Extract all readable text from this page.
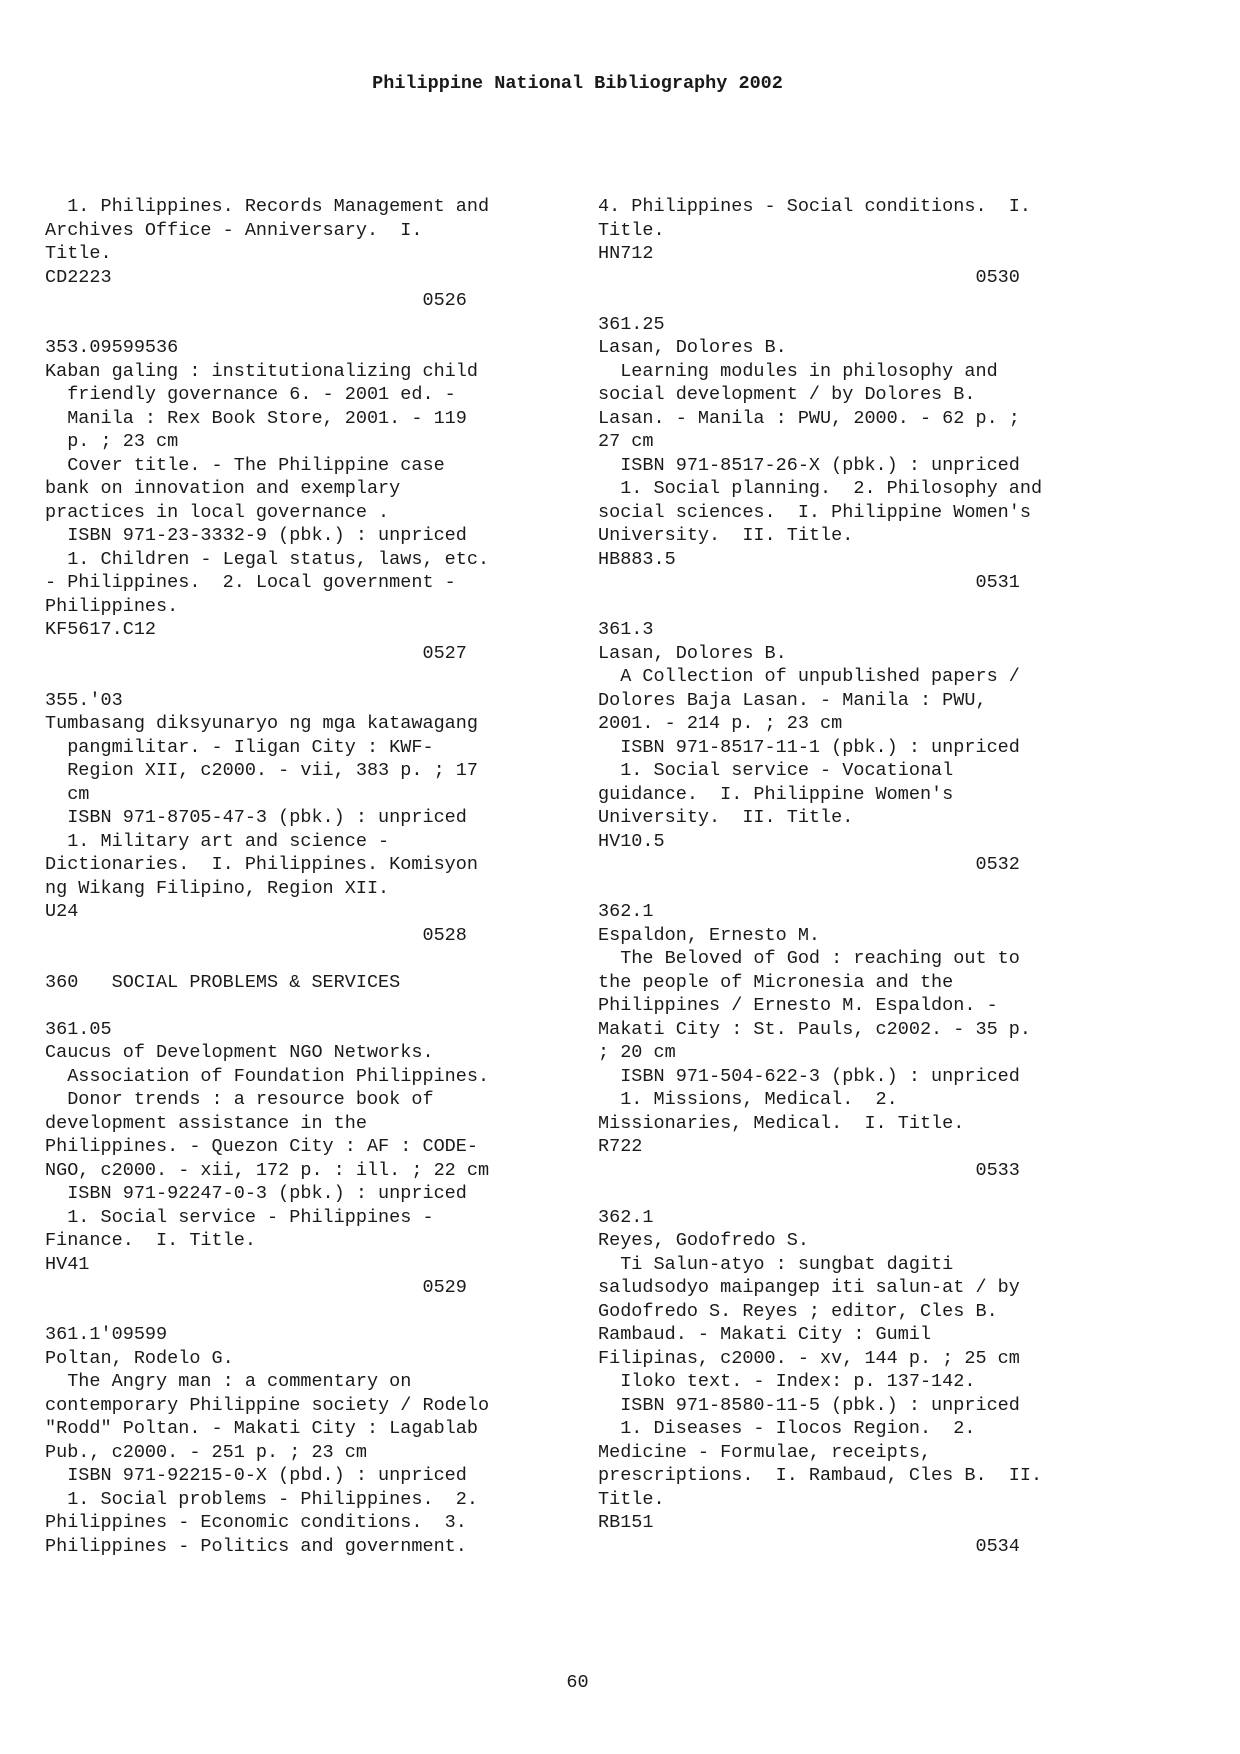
Philippine National Bibliography 2002
1. Philippines. Records Management and
Archives Office - Anniversary.  I.
Title.
CD2223
0526
353.09599536
Kaban galing : institutionalizing child
friendly governance 6. - 2001 ed. -
Manila : Rex Book Store, 2001. - 119
p. ; 23 cm
Cover title. - The Philippine case
bank on innovation and exemplary
practices in local governance .
ISBN 971-23-3332-9 (pbk.) : unpriced
1. Children - Legal status, laws, etc.
- Philippines.  2. Local government -
Philippines.
KF5617.C12
0527
355.'03
Tumbasang diksyunaryo ng mga katawagang
pangmilitar. - Iligan City : KWF-
Region XII, c2000. - vii, 383 p. ; 17
cm
ISBN 971-8705-47-3 (pbk.) : unpriced
1. Military art and science -
Dictionaries.  I. Philippines. Komisyon
ng Wikang Filipino, Region XII.
U24
0528
360   SOCIAL PROBLEMS & SERVICES
361.05
Caucus of Development NGO Networks.
Association of Foundation Philippines.
Donor trends : a resource book of
development assistance in the
Philippines. - Quezon City : AF : CODE-
NGO, c2000. - xii, 172 p. : ill. ; 22 cm
ISBN 971-92247-0-3 (pbk.) : unpriced
1. Social service - Philippines -
Finance.  I. Title.
HV41
0529
361.1'09599
Poltan, Rodelo G.
The Angry man : a commentary on
contemporary Philippine society / Rodelo
"Rodd" Poltan. - Makati City : Lagablab
Pub., c2000. - 251 p. ; 23 cm
ISBN 971-92215-0-X (pbd.) : unpriced
1. Social problems - Philippines.  2.
Philippines - Economic conditions.  3.
Philippines - Politics and government.
4. Philippines - Social conditions.  I.
Title.
HN712
0530
361.25
Lasan, Dolores B.
Learning modules in philosophy and
social development / by Dolores B.
Lasan. - Manila : PWU, 2000. - 62 p. ;
27 cm
ISBN 971-8517-26-X (pbk.) : unpriced
1. Social planning.  2. Philosophy and
social sciences.  I. Philippine Women's
University.  II. Title.
HB883.5
0531
361.3
Lasan, Dolores B.
A Collection of unpublished papers /
Dolores Baja Lasan. - Manila : PWU,
2001. - 214 p. ; 23 cm
ISBN 971-8517-11-1 (pbk.) : unpriced
1. Social service - Vocational
guidance.  I. Philippine Women's
University.  II. Title.
HV10.5
0532
362.1
Espaldon, Ernesto M.
The Beloved of God : reaching out to
the people of Micronesia and the
Philippines / Ernesto M. Espaldon. -
Makati City : St. Pauls, c2002. - 35 p.
; 20 cm
ISBN 971-504-622-3 (pbk.) : unpriced
1. Missions, Medical.  2.
Missionaries, Medical.  I. Title.
R722
0533
362.1
Reyes, Godofredo S.
Ti Salun-atyo : sungbat dagiti
saludsodyo maipangep iti salun-at / by
Godofredo S. Reyes ; editor, Cles B.
Rambaud. - Makati City : Gumil
Filipinas, c2000. - xv, 144 p. ; 25 cm
Iloko text. - Index: p. 137-142.
ISBN 971-8580-11-5 (pbk.) : unpriced
1. Diseases - Ilocos Region.  2.
Medicine - Formulae, receipts,
prescriptions.  I. Rambaud, Cles B.  II.
Title.
RB151
0534
60
